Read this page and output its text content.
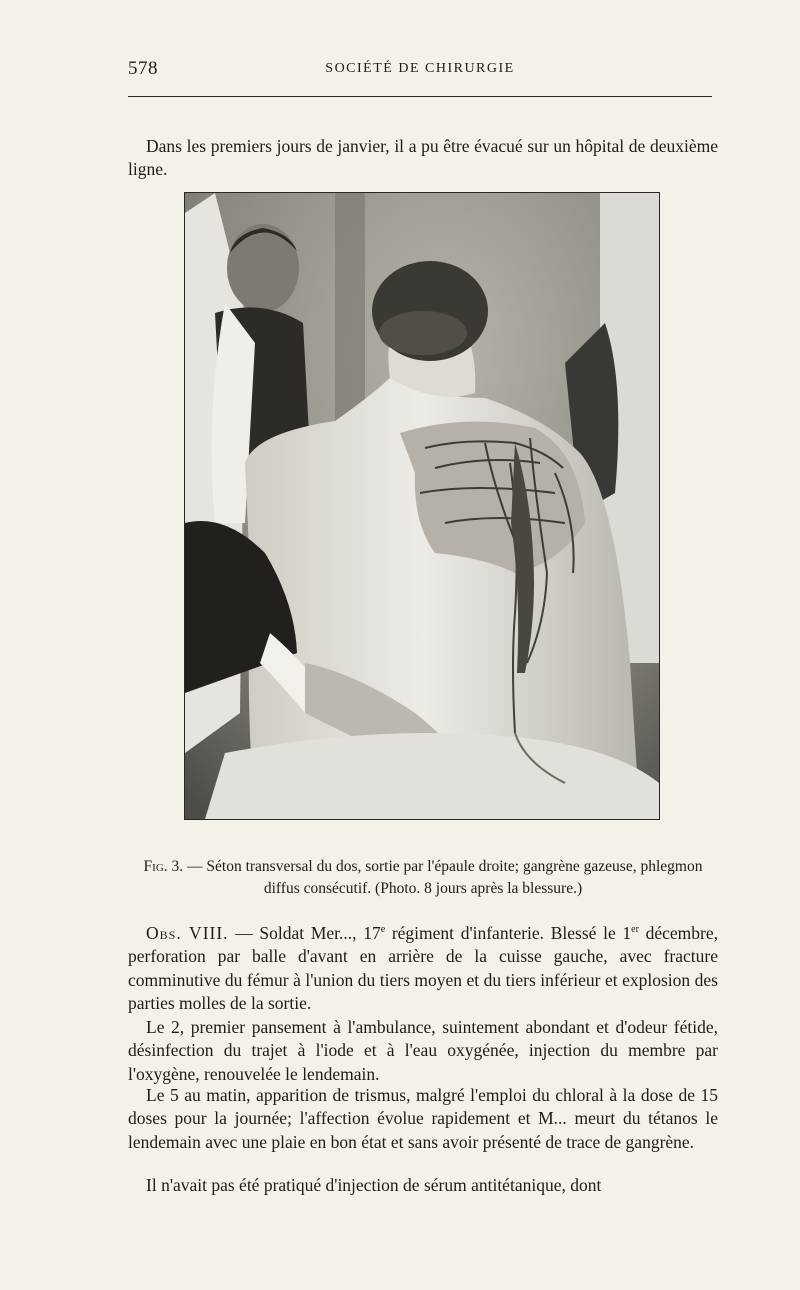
578	SOCIÉTÉ DE CHIRURGIE

Dans les premiers jours de janvier, il a pu être évacué sur un hôpital de deuxième ligne.

Fig. 3. — Séton transversal du dos, sortie par l'épaule droite; gangrène gazeuse, phlegmon diffus consécutif. (Photo. 8 jours après la blessure.)

Obs. VIII. — Soldat Mer..., 17e régiment d'infanterie. Blessé le 1er décembre, perforation par balle d'avant en arrière de la cuisse gauche, avec fracture comminutive du fémur à l'union du tiers moyen et du tiers inférieur et explosion des parties molles de la sortie.

Le 2, premier pansement à l'ambulance, suintement abondant et d'odeur fétide, désinfection du trajet à l'iode et à l'eau oxygénée, injection du membre par l'oxygène, renouvelée le lendemain.

Le 5 au matin, apparition de trismus, malgré l'emploi du chloral à la dose de 15 doses pour la journée; l'affection évolue rapidement et M... meurt du tétanos le lendemain avec une plaie en bon état et sans avoir présenté de trace de gangrène.

Il n'avait pas été pratiqué d'injection de sérum antitétanique, dont
